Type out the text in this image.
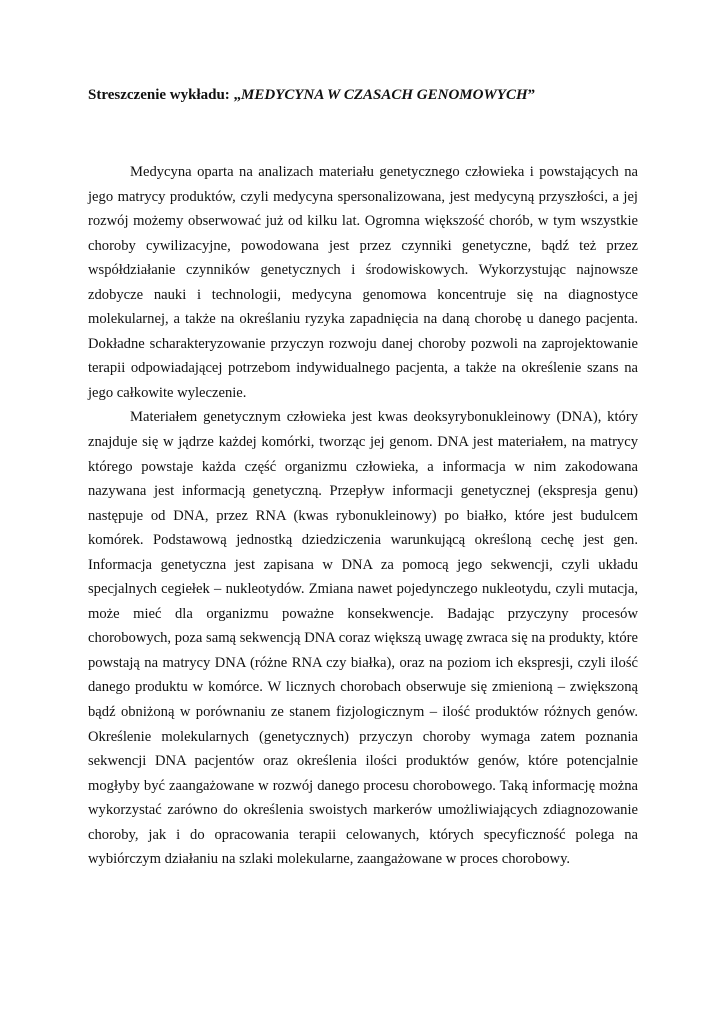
Streszczenie wykładu: „MEDYCYNA W CZASACH GENOMOWYCH”

Medycyna oparta na analizach materiału genetycznego człowieka i powstających na jego matrycy produktów, czyli medycyna spersonalizowana, jest medycyną przyszłości, a jej rozwój możemy obserwować już od kilku lat. Ogromna większość chorób, w tym wszystkie choroby cywilizacyjne, powodowana jest przez czynniki genetyczne, bądź też przez współdziałanie czynników genetycznych i środowiskowych. Wykorzystując najnowsze zdobycze nauki i technologii, medycyna genomowa koncentruje się na diagnostyce molekularnej, a także na określaniu ryzyka zapadnięcia na daną chorobę u danego pacjenta. Dokładne scharakteryzowanie przyczyn rozwoju danej choroby pozwoli na zaprojektowanie terapii odpowiadającej potrzebom indywidualnego pacjenta, a także na określenie szans na jego całkowite wyleczenie.

Materiałem genetycznym człowieka jest kwas deoksyrybonukleinowy (DNA), który znajduje się w jądrze każdej komórki, tworząc jej genom. DNA jest materiałem, na matrycy którego powstaje każda część organizmu człowieka, a informacja w nim zakodowana nazywana jest informacją genetyczną. Przepływ informacji genetycznej (ekspresja genu) następuje od DNA, przez RNA (kwas rybonukleinowy) po białko, które jest budulcem komórek. Podstawową jednostką dziedziczenia warunkującą określoną cechę jest gen. Informacja genetyczna jest zapisana w DNA za pomocą jego sekwencji, czyli układu specjalnych cegiełek – nukleotydów. Zmiana nawet pojedynczego nukleotydu, czyli mutacja, może mieć dla organizmu poważne konsekwencje. Badając przyczyny procesów chorobowych, poza samą sekwencją DNA coraz większą uwagę zwraca się na produkty, które powstają na matrycy DNA (różne RNA czy białka), oraz na poziom ich ekspresji, czyli ilość danego produktu w komórce. W licznych chorobach obserwuje się zmienioną – zwiększoną bądź obniżoną w porównaniu ze stanem fizjologicznym – ilość produktów różnych genów. Określenie molekularnych (genetycznych) przyczyn choroby wymaga zatem poznania sekwencji DNA pacjentów oraz określenia ilości produktów genów, które potencjalnie mogłyby być zaangażowane w rozwój danego procesu chorobowego. Taką informację można wykorzystać zarówno do określenia swoistych markerów umożliwiających zdiagnozowanie choroby, jak i do opracowania terapii celowanych, których specyficzność polega na wybiórczym działaniu na szlaki molekularne, zaangażowane w proces chorobowy.
